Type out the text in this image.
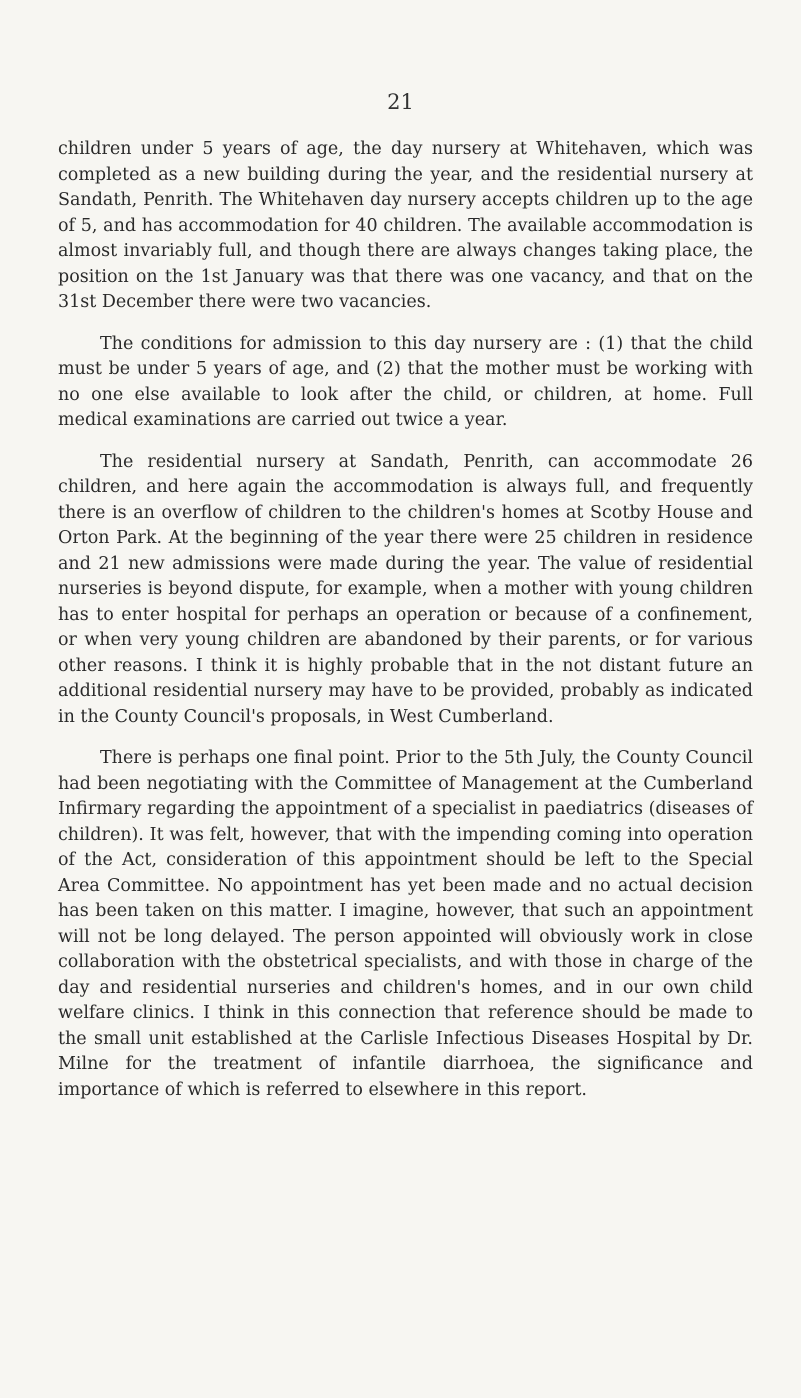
21

children under 5 years of age, the day nursery at Whitehaven, which was completed as a new building during the year, and the residential nursery at Sandath, Penrith. The Whitehaven day nursery accepts children up to the age of 5, and has accommodation for 40 children. The available accommodation is almost invariably full, and though there are always changes taking place, the position on the 1st January was that there was one vacancy, and that on the 31st December there were two vacancies.

The conditions for admission to this day nursery are : (1) that the child must be under 5 years of age, and (2) that the mother must be working with no one else available to look after the child, or children, at home. Full medical examinations are carried out twice a year.

The residential nursery at Sandath, Penrith, can accommodate 26 children, and here again the accommodation is always full, and frequently there is an overflow of children to the children's homes at Scotby House and Orton Park. At the beginning of the year there were 25 children in residence and 21 new admissions were made during the year. The value of residential nurseries is beyond dispute, for example, when a mother with young children has to enter hospital for perhaps an operation or because of a confinement, or when very young children are abandoned by their parents, or for various other reasons. I think it is highly probable that in the not distant future an additional residential nursery may have to be provided, probably as indicated in the County Council's proposals, in West Cumberland.

There is perhaps one final point. Prior to the 5th July, the County Council had been negotiating with the Committee of Management at the Cumberland Infirmary regarding the appointment of a specialist in paediatrics (diseases of children). It was felt, however, that with the impending coming into operation of the Act, consideration of this appointment should be left to the Special Area Committee. No appointment has yet been made and no actual decision has been taken on this matter. I imagine, however, that such an appointment will not be long delayed. The person appointed will obviously work in close collaboration with the obstetrical specialists, and with those in charge of the day and residential nurseries and children's homes, and in our own child welfare clinics. I think in this connection that reference should be made to the small unit established at the Carlisle Infectious Diseases Hospital by Dr. Milne for the treatment of infantile diarrhoea, the significance and importance of which is referred to elsewhere in this report.
